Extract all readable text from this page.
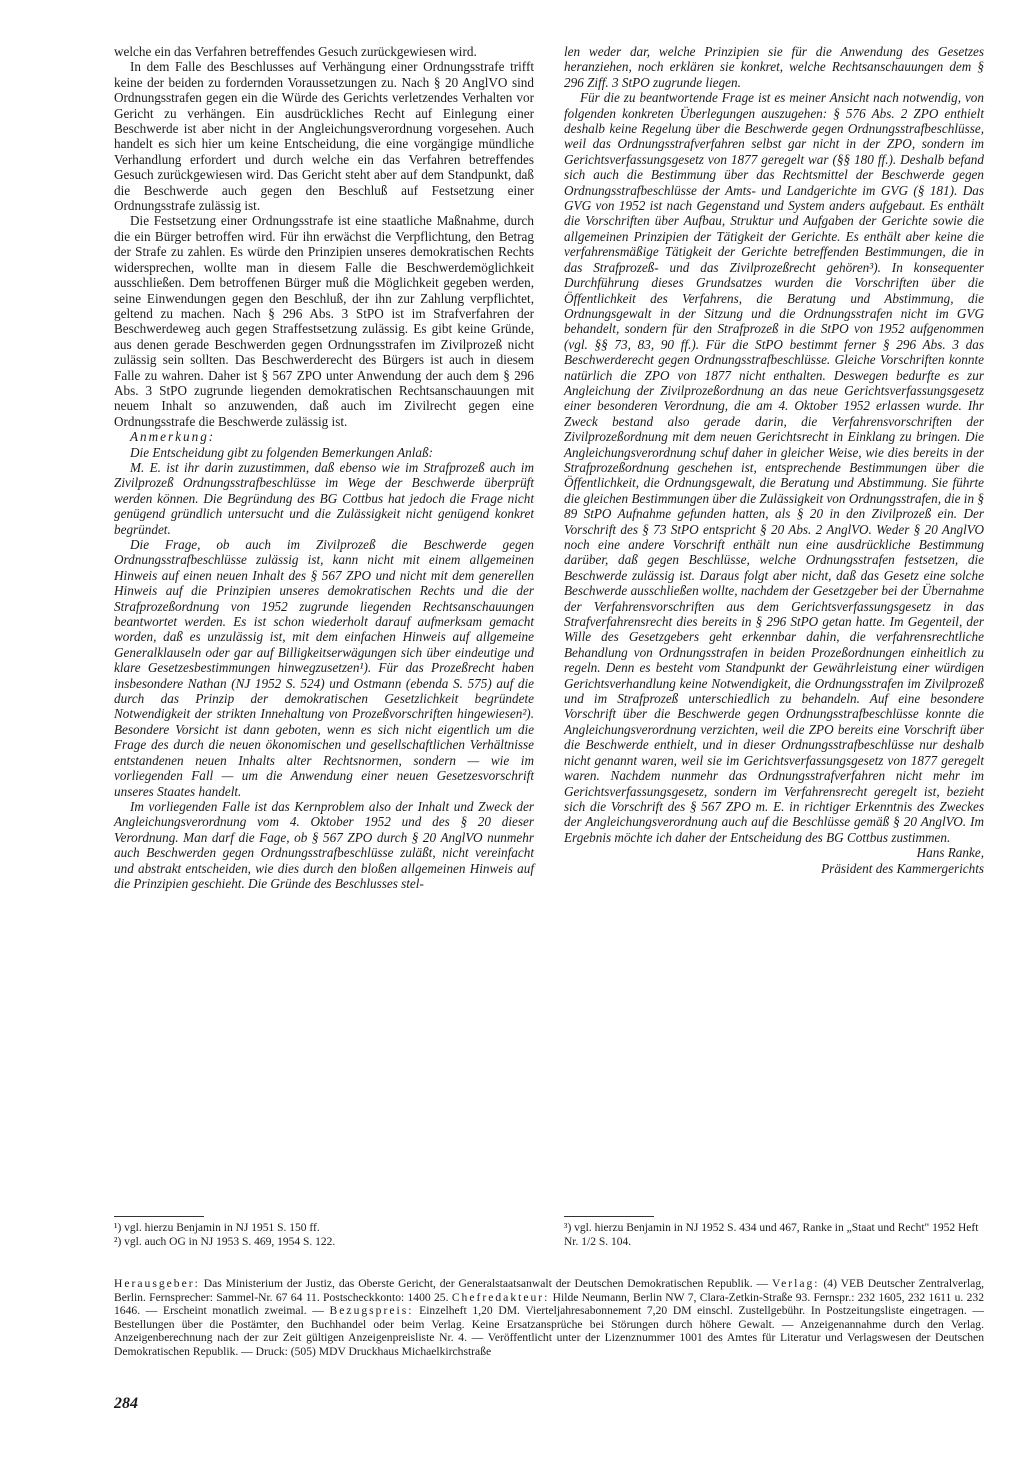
welche ein das Verfahren betreffendes Gesuch zurückgewiesen wird.

In dem Falle des Beschlusses auf Verhängung einer Ordnungsstrafe trifft keine der beiden zu fordernden Voraussetzungen zu. Nach § 20 AnglVO sind Ordnungsstrafen gegen ein die Würde des Gerichts verletzendes Verhalten vor Gericht zu verhängen. Ein ausdrückliches Recht auf Einlegung einer Beschwerde ist aber nicht in der Angleichungsverordnung vorgesehen. Auch handelt es sich hier um keine Entscheidung, die eine vorgängige mündliche Verhandlung erfordert und durch welche ein das Verfahren betreffendes Gesuch zurückgewiesen wird. Das Gericht steht aber auf dem Standpunkt, daß die Beschwerde auch gegen den Beschluß auf Festsetzung einer Ordnungsstrafe zulässig ist.

Die Festsetzung einer Ordnungsstrafe ist eine staatliche Maßnahme, durch die ein Bürger betroffen wird. Für ihn erwächst die Verpflichtung, den Betrag der Strafe zu zahlen. Es würde den Prinzipien unseres demokratischen Rechts widersprechen, wollte man in diesem Falle die Beschwerdemöglichkeit ausschließen. Dem betroffenen Bürger muß die Möglichkeit gegeben werden, seine Einwendungen gegen den Beschluß, der ihn zur Zahlung verpflichtet, geltend zu machen. Nach § 296 Abs. 3 StPO ist im Strafverfahren der Beschwerdeweg auch gegen Straffestsetzung zulässig. Es gibt keine Gründe, aus denen gerade Beschwerden gegen Ordnungsstrafen im Zivilprozeß nicht zulässig sein sollten. Das Beschwerderecht des Bürgers ist auch in diesem Falle zu wahren. Daher ist § 567 ZPO unter Anwendung der auch dem § 296 Abs. 3 StPO zugrunde liegenden demokratischen Rechtsanschauungen mit neuem Inhalt so anzuwenden, daß auch im Zivilrecht gegen eine Ordnungsstrafe die Beschwerde zulässig ist.

Anmerkung:

Die Entscheidung gibt zu folgenden Bemerkungen Anlaß:

M. E. ist ihr darin zuzustimmen, daß ebenso wie im Strafprozeß auch im Zivilprozeß Ordnungsstrafbeschlüsse im Wege der Beschwerde überprüft werden können. Die Begründung des BG Cottbus hat jedoch die Frage nicht genügend gründlich untersucht und die Zulässigkeit nicht genügend konkret begründet.

Die Frage, ob auch im Zivilprozeß die Beschwerde gegen Ordnungsstrafbeschlüsse zulässig ist, kann nicht mit einem allgemeinen Hinweis auf einen neuen Inhalt des § 567 ZPO und nicht mit dem generellen Hinweis auf die Prinzipien unseres demokratischen Rechts und die der Strafprozeßordnung von 1952 zugrunde liegenden Rechtsanschauungen beantwortet werden. Es ist schon wiederholt darauf aufmerksam gemacht worden, daß es unzulässig ist, mit dem einfachen Hinweis auf allgemeine Generalklauseln oder gar auf Billigkeitserwägungen sich über eindeutige und klare Gesetzesbestimmungen hinwegzusetzen¹). Für das Prozeßrecht haben insbesondere Nathan (NJ 1952 S. 524) und Ostmann (ebenda S. 575) auf die durch das Prinzip der demokratischen Gesetzlichkeit begründete Notwendigkeit der strikten Innehaltung von Prozeßvorschriften hingewiesen²). Besondere Vorsicht ist dann geboten, wenn es sich nicht eigentlich um die Frage des durch die neuen ökonomischen und gesellschaftlichen Verhältnisse entstandenen neuen Inhalts alter Rechtsnormen, sondern — wie im vorliegenden Fall — um die Anwendung einer neuen Gesetzesvorschrift unseres Staates handelt.

Im vorliegenden Falle ist das Kernproblem also der Inhalt und Zweck der Angleichungsverordnung vom 4. Oktober 1952 und des § 20 dieser Verordnung. Man darf die Fage, ob § 567 ZPO durch § 20 AnglVO nunmehr auch Beschwerden gegen Ordnungsstrafbeschlüsse zuläßt, nicht vereinfacht und abstrakt entscheiden, wie dies durch den bloßen allgemeinen Hinweis auf die Prinzipien geschieht. Die Gründe des Beschlusses stel-

len weder dar, welche Prinzipien sie für die Anwendung des Gesetzes heranziehen, noch erklären sie konkret, welche Rechtsanschauungen dem § 296 Ziff. 3 StPO zugrunde liegen.

Für die zu beantwortende Frage ist es meiner Ansicht nach notwendig, von folgenden konkreten Überlegungen auszugehen: § 576 Abs. 2 ZPO enthielt deshalb keine Regelung über die Beschwerde gegen Ordnungsstrafbeschlüsse, weil das Ordnungsstrafverfahren selbst gar nicht in der ZPO, sondern im Gerichtsverfassungsgesetz von 1877 geregelt war (§§ 180 ff.). Deshalb befand sich auch die Bestimmung über das Rechtsmittel der Beschwerde gegen Ordnungsstrafbeschlüsse der Amts- und Landgerichte im GVG (§ 181). Das GVG von 1952 ist nach Gegenstand und System anders aufgebaut. Es enthält die Vorschriften über Aufbau, Struktur und Aufgaben der Gerichte sowie die allgemeinen Prinzipien der Tätigkeit der Gerichte. Es enthält aber keine die verfahrensmäßige Tätigkeit der Gerichte betreffenden Bestimmungen, die in das Strafprozeß- und das Zivilprozeßrecht gehören³). In konsequenter Durchführung dieses Grundsatzes wurden die Vorschriften über die Öffentlichkeit des Verfahrens, die Beratung und Abstimmung, die Ordnungsgewalt in der Sitzung und die Ordnungsstrafen nicht im GVG behandelt, sondern für den Strafprozeß in die StPO von 1952 aufgenommen (vgl. §§ 73, 83, 90 ff.). Für die StPO bestimmt ferner § 296 Abs. 3 das Beschwerderecht gegen Ordnungsstrafbeschlüsse. Gleiche Vorschriften konnte natürlich die ZPO von 1877 nicht enthalten. Deswegen bedurfte es zur Angleichung der Zivilprozeßordnung an das neue Gerichtsverfassungsgesetz einer besonderen Verordnung, die am 4. Oktober 1952 erlassen wurde. Ihr Zweck bestand also gerade darin, die Verfahrensvorschriften der Zivilprozeßordnung mit dem neuen Gerichtsrecht in Einklang zu bringen. Die Angleichungsverordnung schuf daher in gleicher Weise, wie dies bereits in der Strafprozeßordnung geschehen ist, entsprechende Bestimmungen über die Öffentlichkeit, die Ordnungsgewalt, die Beratung und Abstimmung. Sie führte die gleichen Bestimmungen über die Zulässigkeit von Ordnungsstrafen, die in § 89 StPO Aufnahme gefunden hatten, als § 20 in den Zivilprozeß ein. Der Vorschrift des § 73 StPO entspricht § 20 Abs. 2 AnglVO. Weder § 20 AnglVO noch eine andere Vorschrift enthält nun eine ausdrückliche Bestimmung darüber, daß gegen Beschlüsse, welche Ordnungsstrafen festsetzen, die Beschwerde zulässig ist. Daraus folgt aber nicht, daß das Gesetz eine solche Beschwerde ausschließen wollte, nachdem der Gesetzgeber bei der Übernahme der Verfahrensvorschriften aus dem Gerichtsverfassungsgesetz in das Strafverfahrensrecht dies bereits in § 296 StPO getan hatte. Im Gegenteil, der Wille des Gesetzgebers geht erkennbar dahin, die verfahrensrechtliche Behandlung von Ordnungsstrafen in beiden Prozeßordnungen einheitlich zu regeln. Denn es besteht vom Standpunkt der Gewährleistung einer würdigen Gerichtsverhandlung keine Notwendigkeit, die Ordnungsstrafen im Zivilprozeß und im Strafprozeß unterschiedlich zu behandeln. Auf eine besondere Vorschrift über die Beschwerde gegen Ordnungsstrafbeschlüsse konnte die Angleichungsverordnung verzichten, weil die ZPO bereits eine Vorschrift über die Beschwerde enthielt, und in dieser Ordnungsstrafbeschlüsse nur deshalb nicht genannt waren, weil sie im Gerichtsverfassungsgesetz von 1877 geregelt waren. Nachdem nunmehr das Ordnungsstrafverfahren nicht mehr im Gerichtsverfassungsgesetz, sondern im Verfahrensrecht geregelt ist, bezieht sich die Vorschrift des § 567 ZPO m. E. in richtiger Erkenntnis des Zweckes der Angleichungsverordnung auch auf die Beschlüsse gemäß § 20 AnglVO. Im Ergebnis möchte ich daher der Entscheidung des BG Cottbus zustimmen.

Hans Ranke,

Präsident des Kammergerichts

¹) vgl. hierzu Benjamin in NJ 1951 S. 150 ff.

²) vgl. auch OG in NJ 1953 S. 469, 1954 S. 122.

³) vgl. hierzu Benjamin in NJ 1952 S. 434 und 467, Ranke in „Staat und Recht" 1952 Heft Nr. 1/2 S. 104.

Herausgeber: Das Ministerium der Justiz, das Oberste Gericht, der Generalstaatsanwalt der Deutschen Demokratischen Republik. — Verlag: (4) VEB Deutscher Zentralverlag, Berlin. Fernsprecher: Sammel-Nr. 67 64 11. Postscheckkonto: 1400 25. Chefredakteur: Hilde Neumann, Berlin NW 7, Clara-Zetkin-Straße 93. Fernspr.: 232 1605, 232 1611 u. 232 1646. — Erscheint monatlich zweimal. — Bezugspreis: Einzelheft 1,20 DM. Vierteljahresabonnement 7,20 DM einschl. Zustellgebühr. In Postzeitungsliste eingetragen. — Bestellungen über die Postämter, den Buchhandel oder beim Verlag. Keine Ersatzansprüche bei Störungen durch höhere Gewalt. — Anzeigenannahme durch den Verlag. Anzeigenberechnung nach der zur Zeit gültigen Anzeigenpreisliste Nr. 4. — Veröffentlicht unter der Lizenznummer 1001 des Amtes für Literatur und Verlagswesen der Deutschen Demokratischen Republik. — Druck: (505) MDV Druckhaus Michaelkirchstraße
284
